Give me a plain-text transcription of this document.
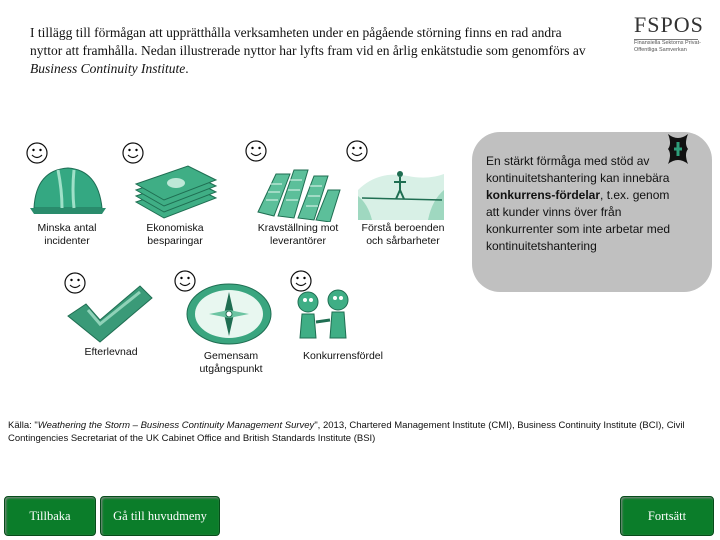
I tillägg till förmågan att upprätthålla verksamheten under en pågående störning finns en rad andra nyttor att framhålla. Nedan illustrerade nyttor har lyfts fram vid en årlig enkätstudie som genomförs av Business Continuity Institute.
FSPOS
Finansiella Sektorns Privat-
Offentliga Samverkan
Minska antal incidenter
Ekonomiska besparingar
Kravställning mot leverantörer
Förstå beroenden och sårbarheter
Efterlevnad	Gemensam utgångspunkt
Konkurrensfördel
En stärkt förmåga med stöd av kontinuitetshantering kan innebära konkurrens-fördelar, t.ex. genom att kunder vinns över från konkurrenter som inte arbetar med kontinuitetshantering
Källa: "Weathering the Storm – Business Continuity Management Survey", 2013, Chartered Management Institute (CMI), Business Continuity Institute (BCI), Civil Contingencies Secretariat of the UK Cabinet Office and British Standards Institute (BSI)
Tillbaka	Gå till huvudmeny	Fortsätt
